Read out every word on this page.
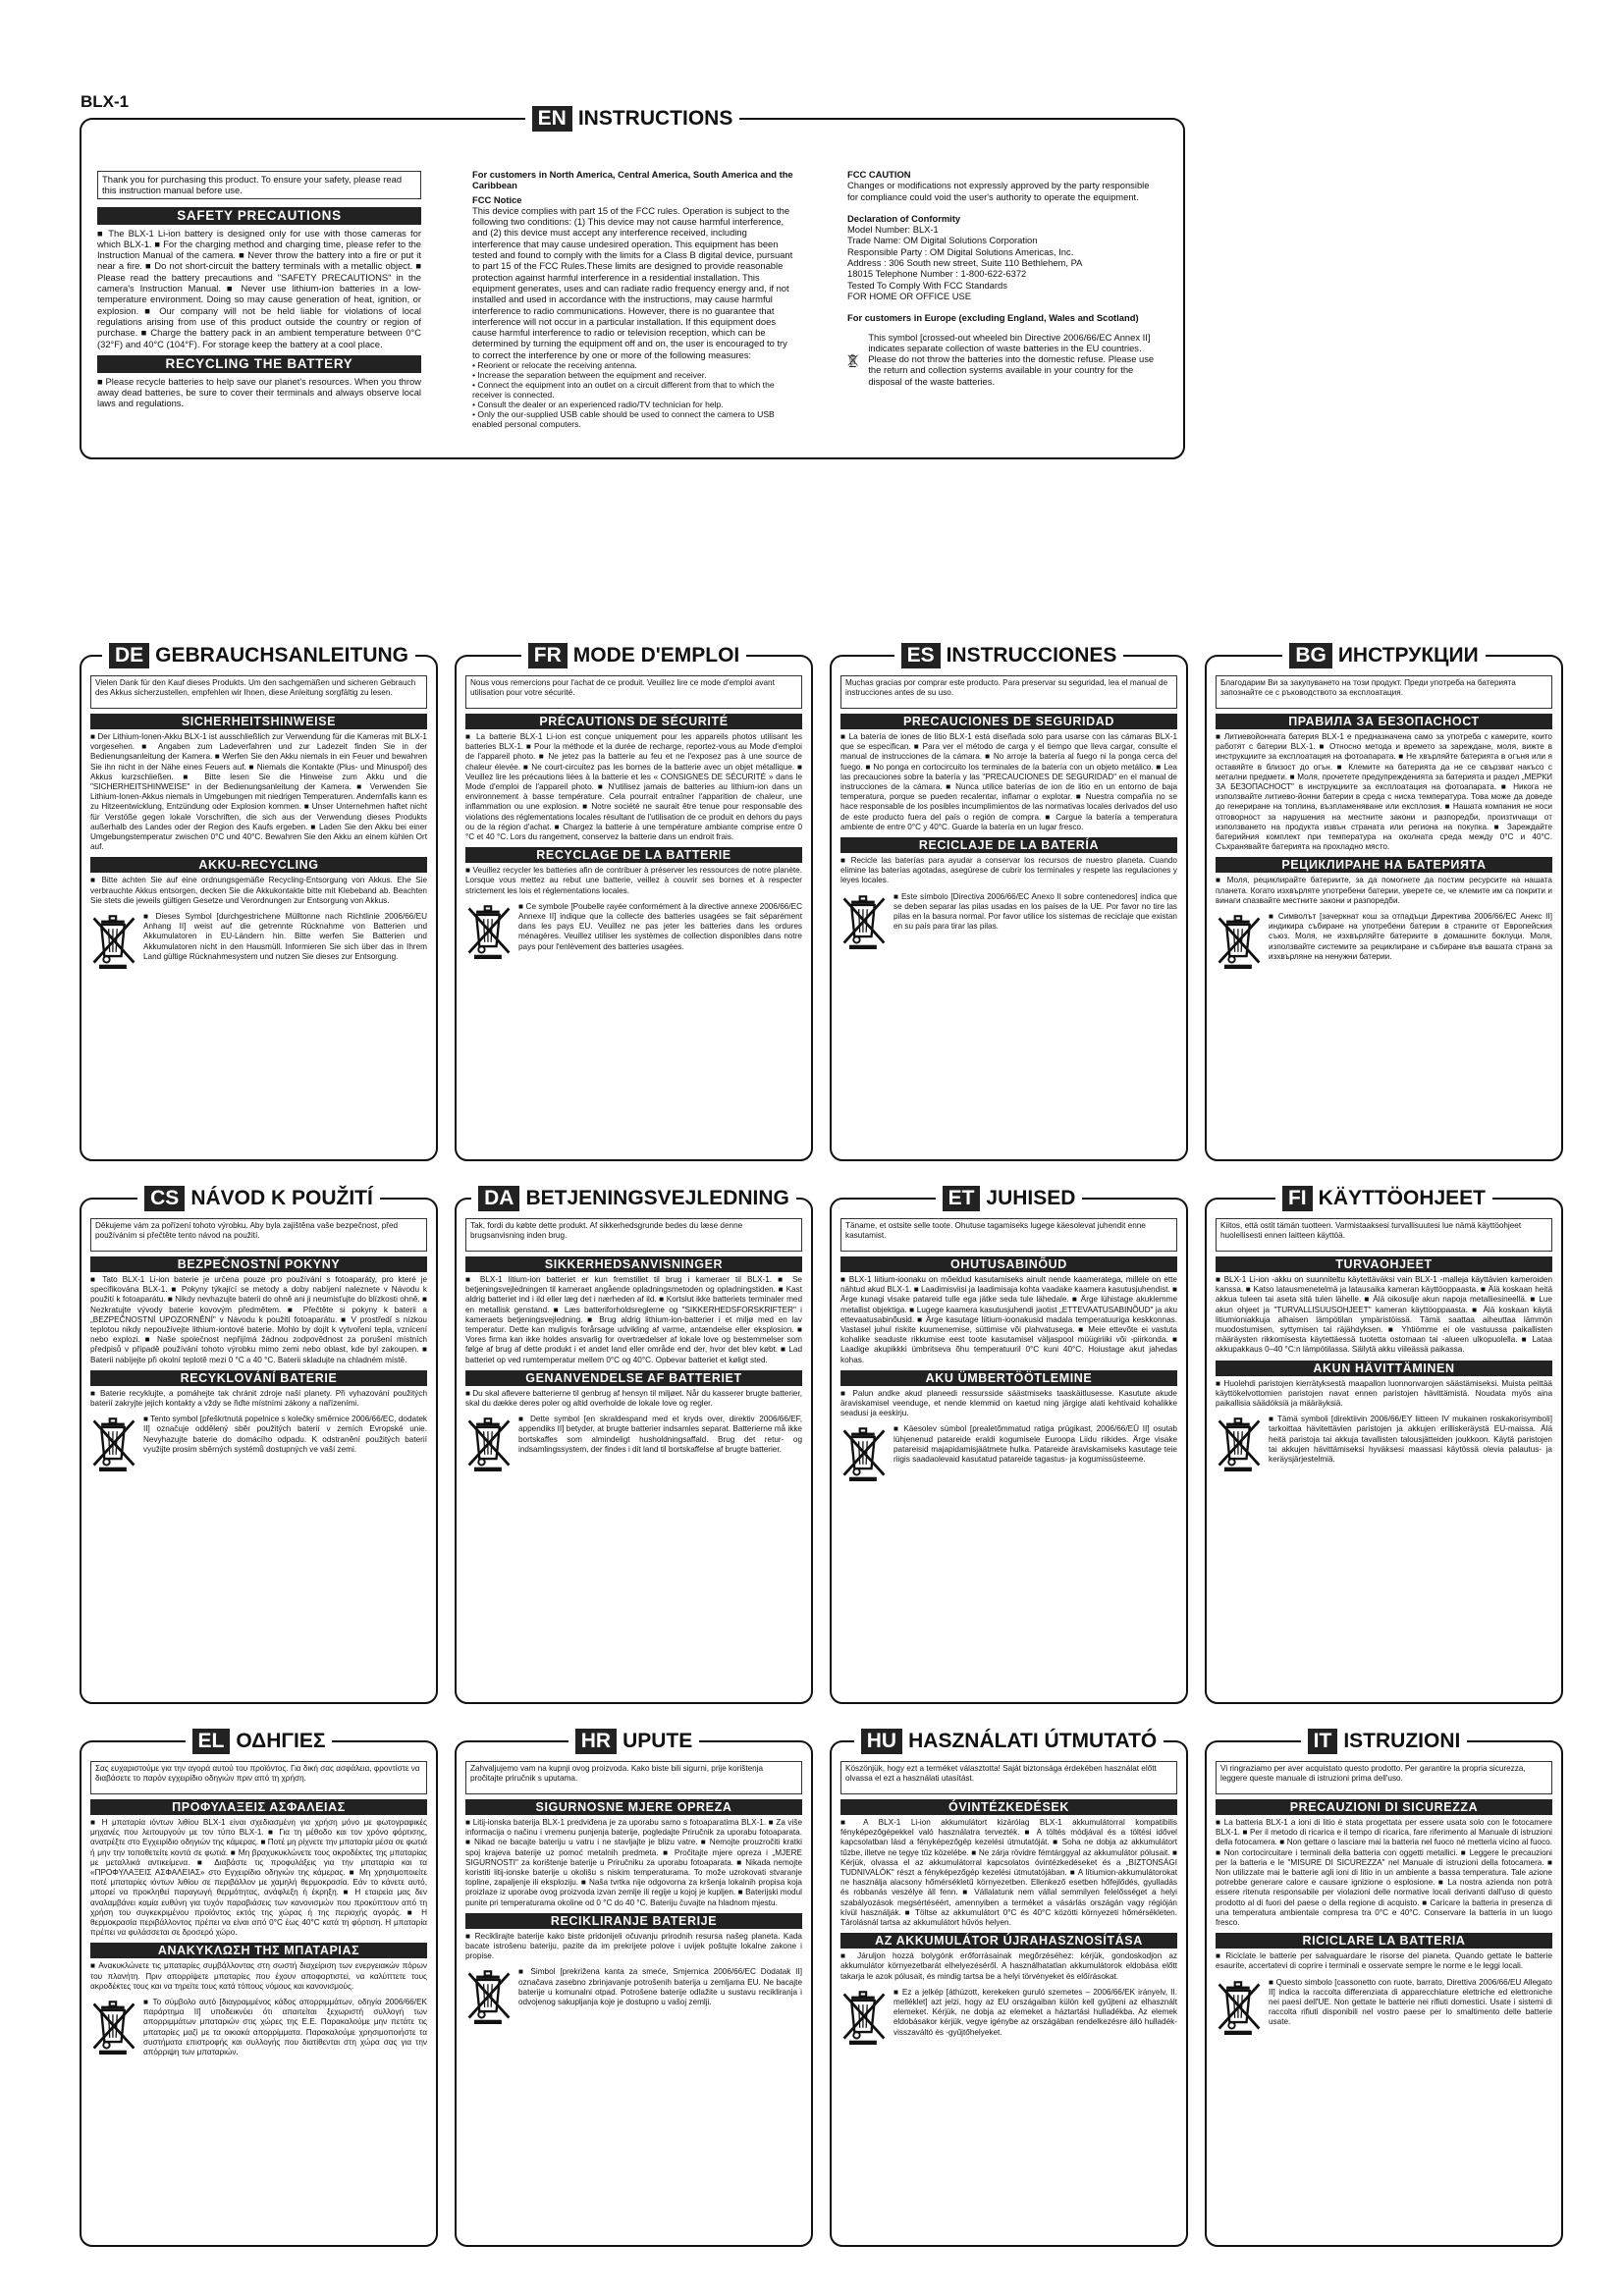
BLX-1
EN INSTRUCTIONS
Thank you for purchasing this product. To ensure your safety, please read this instruction manual before use.
SAFETY PRECAUTIONS

■ The BLX-1 Li-ion battery is designed only for use with those cameras for which BLX-1. ■ For the charging method and charging time, please refer to the Instruction Manual of the camera. ■ Never throw the battery into a fire or put it near a fire. ■ Do not short-circuit the battery terminals with a metallic object. ■ Please read the battery precautions and "SAFETY PRECAUTIONS" in the camera's Instruction Manual. ■ Never use lithium-ion batteries in a low-temperature environment. Doing so may cause generation of heat, ignition, or explosion. ■ Our company will not be held liable for violations of local regulations arising from use of this product outside the country or region of purchase. ■ Charge the battery pack in an ambient temperature between 0°C (32°F) and 40°C (104°F). For storage keep the battery at a cool place.

RECYCLING THE BATTERY

■ Please recycle batteries to help save our planet's resources. When you throw away dead batteries, be sure to cover their terminals and always observe local laws and regulations.

For customers in North America, Central America, South America and the Caribbean

FCC Notice

This device complies with part 15 of the FCC rules. Operation is subject to the following two conditions: (1) This device may not cause harmful interference, and (2) this device must accept any interference received, including interference that may cause undesired operation. This equipment has been tested and found to comply with the limits for a Class B digital device, pursuant to part 15 of the FCC Rules.These limits are designed to provide reasonable protection against harmful interference in a residential installation. This equipment generates, uses and can radiate radio frequency energy and, if not installed and used in accordance with the instructions, may cause harmful interference to radio communications. However, there is no guarantee that interference will not occur in a particular installation. If this equipment does cause harmful interference to radio or television reception, which can be determined by turning the equipment off and on, the user is encouraged to try to correct the interference by one or more of the following measures:

• Reorient or relocate the receiving antenna.

• Increase the separation between the equipment and receiver.

• Connect the equipment into an outlet on a circuit different from that to which the receiver is connected.

• Consult the dealer or an experienced radio/TV technician for help.

• Only the our-supplied USB cable should be used to connect the camera to USB enabled personal computers.

FCC CAUTION

Changes or modifications not expressly approved by the party responsible for compliance could void the user's authority to operate the equipment.

Declaration of Conformity

Model Number: BLX-1

Trade Name: OM Digital Solutions Corporation

Responsible Party : OM Digital Solutions Americas, Inc.

Address : 306 South new street, Suite 110 Bethlehem, PA

18015 Telephone Number : 1-800-622-6372

Tested To Comply With FCC Standards

FOR HOME OR OFFICE USE

For customers in Europe (excluding England, Wales and Scotland)

This symbol [crossed-out wheeled bin Directive 2006/66/EC Annex II] indicates separate collection of waste batteries in the EU countries. Please do not throw the batteries into the domestic refuse. Please use the return and collection systems available in your country for the disposal of the waste batteries.

DE GEBRAUCHSANLEITUNG
Vielen Dank für den Kauf dieses Produkts. Um den sachgemäßen und sicheren Gebrauch des Akkus sicherzustellen, empfehlen wir Ihnen, diese Anleitung sorgfältig zu lesen.
SICHERHEITSHINWEISE
■ Der Lithium-Ionen-Akku BLX-1 ist ausschließlich zur Verwendung für die Kameras mit BLX-1 vorgesehen. ■ Angaben zum Ladeverfahren und zur Ladezeit finden Sie in der Bedienungsanleitung der Kamera. ■ Werfen Sie den Akku niemals in ein Feuer und bewahren Sie ihn nicht in der Nähe eines Feuers auf. ■ Niemals die Kontakte (Plus- und Minuspol) des Akkus kurzschließen. ■ Bitte lesen Sie die Hinweise zum Akku und die "SICHERHEITSHINWEISE" in der Bedienungsanleitung der Kamera. ■ Verwenden Sie Lithium-Ionen-Akkus niemals in Umgebungen mit niedrigen Temperaturen. Andernfalls kann es zu Hitzeentwicklung, Entzündung oder Explosion kommen. ■ Unser Unternehmen haftet nicht für Verstöße gegen lokale Vorschriften, die sich aus der Verwendung dieses Produkts außerhalb des Landes oder der Region des Kaufs ergeben. ■ Laden Sie den Akku bei einer Umgebungstemperatur zwischen 0°C und 40°C. Bewahren Sie den Akku an einem kühlen Ort auf.
AKKU-RECYCLING
■ Bitte achten Sie auf eine ordnungsgemäße Recycling-Entsorgung von Akkus. Ehe Sie verbrauchte Akkus entsorgen, decken Sie die Akkukontakte bitte mit Klebeband ab. Beachten Sie stets die jeweils gültigen Gesetze und Verordnungen zur Entsorgung von Akkus.
■ Dieses Symbol [durchgestrichene Mülltonne nach Richtlinie 2006/66/EU Anhang II] weist auf die getrennte Rücknahme von Batterien und Akkumulatoren in EU-Ländern hin. Bitte werfen Sie Batterien und Akkumulatoren nicht in den Hausmüll. Informieren Sie sich über das in Ihrem Land gültige Rücknahmesystem und nutzen Sie dieses zur Entsorgung.
FR MODE D'EMPLOI
Nous vous remercions pour l'achat de ce produit. Veuillez lire ce mode d'emploi avant utilisation pour votre sécurité.
PRÉCAUTIONS DE SÉCURITÉ
■ La batterie BLX-1 Li-ion est conçue uniquement pour les appareils photos utilisant les batteries BLX-1. ■ Pour la méthode et la durée de recharge, reportez-vous au Mode d'emploi de l'appareil photo. ■ Ne jetez pas la batterie au feu et ne l'exposez pas à une source de chaleur élevée. ■ Ne court-circuitez pas les bornes de la batterie avec un objet métallique. ■ Veuillez lire les précautions liées à la batterie et les « CONSIGNES DE SÉCURITÉ » dans le Mode d'emploi de l'appareil photo. ■ N'utilisez jamais de batteries au lithium-ion dans un environnement à basse température. Cela pourrait entraîner l'apparition de chaleur, une inflammation ou une explosion. ■ Notre société ne saurait être tenue pour responsable des violations des réglementations locales résultant de l'utilisation de ce produit en dehors du pays ou de la région d'achat. ■ Chargez la batterie à une température ambiante comprise entre 0 °C et 40 °C. Lors du rangement, conservez la batterie dans un endroit frais.
RECYCLAGE DE LA BATTERIE
■ Veuillez recycler les batteries afin de contribuer à préserver les ressources de notre planète. Lorsque vous mettez au rebut une batterie, veillez à couvrir ses bornes et à respecter strictement les lois et réglementations locales.
■ Ce symbole [Poubelle rayée conformément à la directive annexe 2006/66/EC Annexe II] indique que la collecte des batteries usagées se fait séparément dans les pays EU. Veuillez ne pas jeter les batteries dans les ordures ménagères. Veuillez utiliser les systèmes de collection disponibles dans notre pays pour l'enlèvement des batteries usagées.
ES INSTRUCCIONES
Muchas gracias por comprar este producto. Para preservar su seguridad, lea el manual de instrucciones antes de su uso.
PRECAUCIONES DE SEGURIDAD
■ La batería de iones de litio BLX-1 está diseñada solo para usarse con las cámaras BLX-1 que se especifican. ■ Para ver el método de carga y el tiempo que lleva cargar, consulte el manual de instrucciones de la cámara. ■ No arroje la batería al fuego ni la ponga cerca del fuego. ■ No ponga en cortocircuito los terminales de la batería con un objeto metálico. ■ Lea las precauciones sobre la batería y las "PRECAUCIONES DE SEGURIDAD" en el manual de instrucciones de la cámara. ■ Nunca utilice baterías de ion de litio en un entorno de baja temperatura, porque se pueden recalentar, inflamar o explotar. ■ Nuestra compañía no se hace responsable de los posibles incumplimientos de las normativas locales derivados del uso de este producto fuera del país o región de compra. ■ Cargue la batería a temperatura ambiente de entre 0°C y 40°C. Guarde la batería en un lugar fresco.
RECICLAJE DE LA BATERÍA
■ Recicle las baterías para ayudar a conservar los recursos de nuestro planeta. Cuando elimine las baterías agotadas, asegúrese de cubrir los terminales y respete las regulaciones y leyes locales.
■ Este símbolo [Directiva 2006/66/EC Anexo II sobre contenedores] indica que se deben separar las pilas usadas en los países de la UE. Por favor no tire las pilas en la basura normal. Por favor utilice los sistemas de reciclaje que existan en su país para tirar las pilas.
BG ИНСТРУКЦИИ
Благодарим Ви за закупуването на този продукт. Преди употреба на батерията запознайте се с ръководството за експлоатация.
ПРАВИЛА ЗА БЕЗОПАСНОСТ
■ Литиевойонната батерия BLX-1 е предназначена само за употреба с камерите, които работят с батерии BLX-1. ■ Относно метода и времето за зареждане, моля, вижте в инструкциите за експлоатация на фотоапарата. ■ Не хвърляйте батерията в огъня или я оставяйте в близост до огън. ■ Клемите на батерията да не се свързват накъсо с метални предмети. ■ Моля, прочетете предупрежденията за батерията и раздел „МЕРКИ ЗА БЕЗОПАСНОСТ" в инструкциите за експлоатация на фотоапарата. ■ Никога не използвайте литиево-йонни батерии в среда с ниска температура. Това може да доведе до генериране на топлина, възпламеняване или експлозия. ■ Нашата компания не носи отговорност за нарушения на местните закони и разпоредби, произтичащи от използването на продукта извън страната или региона на покупка. ■ Зареждайте батерийния комплект при температура на околната среда между 0°C и 40°C. Съхранявайте батерията на прохладно място.
РЕЦИКЛИРАНЕ НА БАТЕРИЯТА
■ Моля, рециклирайте батериите, за да помогнете да постим ресурсите на нашата планета. Когато изхвърляте употребени батерии, уверете се, че клемите им са покрити и винаги спазвайте местните закони и разпоредби.
■ Символът [зачеркнат кош за отпадъци Директива 2006/66/EC Анекс II] индикира събиране на употребени батерии в страните от Европейския съюз. Моля, не изхвърляйте батериите в домашните боклуци. Моля, използвайте системите за рециклиране и събиране във вашата страна за изхвърляне на ненужни батерии.
CS NÁVOD K POUŽITÍ
Děkujeme vám za pořízení tohoto výrobku. Aby byla zajištěna vaše bezpečnost, před používáním si přečtěte tento návod na použití.
BEZPEČNOSTNÍ POKYNY
■ Tato BLX-1 Li-ion baterie je určena pouze pro používání s fotoaparáty, pro které je specifikována BLX-1. ■ Pokyny týkající se metody a doby nabíjení naleznete v Návodu k použití k fotoaparátu. ■ Nikdy nevhazujte baterii do ohně ani ji neumisťujte do blízkosti ohně. ■ Nezkratujte vývody baterie kovovým předmětem. ■ Přečtěte si pokyny k baterii a „BEZPEČNOSTNÍ UPOZORNĚNÍ" v Návodu k použití fotoaparátu. ■ V prostředí s nízkou teplotou nikdy nepoužívejte lithium-iontové baterie. Mohlo by dojít k vytvoření tepla, vznícení nebo explozi. ■ Naše společnost nepřijímá žádnou zodpovědnost za porušení místních předpisů v případě používání tohoto výrobku mimo zemi nebo oblast, kde byl zakoupen. ■ Baterii nabíjejte při okolní teplotě mezi 0 °C a 40 °C. Baterii skladujte na chladném místě.
RECYKLOVÁNÍ BATERIE
■ Baterie recyklujte, a pomáhejte tak chránit zdroje naší planety. Při vyhazování použitých baterií zakryjte jejich kontakty a vždy se řiďte místními zákony a nařízeními.
■ Tento symbol [přeškrtnutá popelnice s kolečky směrnice 2006/66/EC, dodatek II] označuje oddělený sběr použitých baterií v zemích Evropské unie. Nevyhazujte baterie do domácího odpadu. K odstranění použitých baterií využijte prosím sběrných systémů dostupných ve vaší zemi.
DA BETJENINGSVEJLEDNING
Tak, fordi du købte dette produkt. Af sikkerhedsgrunde bedes du læse denne brugsanvisning inden brug.
SIKKERHEDSANVISNINGER
■ BLX-1 litium-ion batteriet er kun fremstillet til brug i kameraer til BLX-1. ■ Se betjeningsvejledningen til kameraet angående opladningsmetoden og opladningstiden. ■ Kast aldrig batteriet ind i ild eller læg det i nærheden af ild. ■ Kortslut ikke batteriets terminaler med en metallisk genstand. ■ Læs batteriforholdsreglerne og "SIKKERHEDSFORSKRIFTER" i kameraets betjeningsvejledning. ■ Brug aldrig lithium-ion-batterier i et miljø med en lav temperatur. Dette kan muligvis forårsage udvikling af varme, antændelse eller eksplosion. ■ Vores firma kan ikke holdes ansvarlig for overtrædelser af lokale love og bestemmelser som følge af brug af dette produkt i et andet land eller område end der, hvor det blev købt. ■ Lad batteriet op ved rumtemperatur mellem 0°C og 40°C. Opbevar batteriet et køligt sted.
GENANVENDELSE AF BATTERIET
■ Du skal aflevere batterierne til genbrug af hensyn til miljøet. Når du kasserer brugte batterier, skal du dække deres poler og altid overholde de lokale love og regler.
■ Dette symbol [en skraldespand med et kryds over, direktiv 2006/66/EF, appendiks II] betyder, at brugte batterier indsamles separat. Batterierne må ikke bortskaffes som almindeligt husholdningsaffald. Brug det retur- og indsamlingssystem, der findes i dit land til bortskaffelse af brugte batterier.
ET JUHISED
Täname, et ostsite selle toote. Ohutuse tagamiseks lugege käesolevat juhendit enne kasutamist.
OHUTUSABINÕUD
■ BLX-1 liitium-ioonaku on mõeldud kasutamiseks ainult nende kaameratega, millele on ette nähtud akud BLX-1. ■ Laadimisviisi ja laadimisaja kohta vaadake kaamera kasutusjuhendist. ■ Ärge kunagi visake patareid tulle ega jätke seda tule lähedale. ■ Ärge lühistage akuklemme metallist objektiga. ■ Lugege kaamera kasutusjuhendi jaotist „ETTEVAATUSABINÕUD" ja aku ettevaatusabinõusid. ■ Ärge kasutage liitium-ioonakusid madala temperatuuriga keskkonnas. Vastasel juhul riskite kuumenemise, süttimise või plahvatusega. ■ Meie ettevõte ei vastuta kohalike seaduste rikkumise eest toote kasutamisel väljaspool müügiriiki või -piirkonda. ■ Laadige akupikkki ümbritseva õhu temperatuuril 0°C kuni 40°C. Hoiustage akut jahedas kohas.
AKU ÜMBERTÖÖTLEMINE
■ Palun andke akud planeedi ressursside säästmiseks taaskäitlusesse. Kasutute akude äraviskamisel veenduge, et nende klemmid on kaetud ning järgige alati kehtivaid kohalikke seadusi ja eeskirju.
■ Käesolev sümbol [prealetõmmatud ratiga prügikast, 2006/66/EÜ II] osutab lühjenenud patareide eraldi kogumisele Euroopa Liidu riikides. Ärge visake patareisid majapidamisjäätmete hulka. Patareide äraviskamiseks kasutage teie riigis saadaolevaid kasutatud patareide tagastus- ja kogumissüsteeme.
FI KÄYTTÖOHJEET
Kiitos, että ostit tämän tuotteen. Varmistaaksesi turvallisuutesi lue nämä käyttöohjeet huolellisesti ennen laitteen käyttöä.
TURVAOHJEET
■ BLX-1 Li-ion -akku on suunniteltu käytettäväksi vain BLX-1 -malleja käyttävien kameroiden kanssa. ■ Katso latausmenetelmä ja latausaika kameran käyttöoppaasta. ■ Älä koskaan heitä akkua tuleen tai aseta sitä tulen lähelle. ■ Älä oikosulje akun napoja metalliesineellä. ■ Lue akun ohjeet ja "TURVALLISUUSOHJEET" kameran käyttöoppaasta. ■ Älä koskaan käytä litiumioniakkuja alhaisen lämpötilan ympäristöissä. Tämä saattaa aiheuttaa lämmön muodostumisen, syttymisen tai räjähdyksen. ■ Yhtiömme ei ole vastuussa paikallisten määräysten rikkomisesta käytettäessä tuotetta ostomaan tai -alueen ulkopuolella. ■ Lataa akkupakkaus 0–40 °C:n lämpötilassa. Säilytä akku viileässä paikassa.
AKUN HÄVITTÄMINEN
■ Huolehdi paristojen kierrätyksestä maapallon luonnonvarojen säästämiseksi. Muista peittää käyttökelvottomien paristojen navat ennen paristojen hävittämistä. Noudata myös aina paikallisia säädöksiä ja määräyksiä.
■ Tämä symboli [direktiivin 2006/66/EY liitteen IV mukainen roskakorisymboli] tarkoittaa hävitettävien paristojen ja akkujen erilliskeräystä EU-maissa. Älä heitä paristoja tai akkuja tavallisten talousjätteiden joukkoon. Käytä paristojen tai akkujen hävittämiseksi hyväksesi maassasi käytössä olevia palautus- ja keräysjärjestelmiä.
EL ΟΔΗΓΙΕΣ
Σας ευχαριστούμε για την αγορά αυτού του προϊόντος. Για δική σας ασφάλεια, φροντίστε να διαβάσετε το παρόν εγχειρίδιο οδηγιών πριν από τη χρήση.
ΠΡΟΦΥΛΑΞΕΙΣ ΑΣΦΑΛΕΙΑΣ
■ Η μπαταρία ιόντων λιθίου BLX-1 είναι σχεδιασμένη για χρήση μόνο με φωτογραφικές μηχανές που λειτουργούν με τον τύπο BLX-1. ■ Για τη μέθοδο και τον χρόνο φόρτισης, ανατρέξτε στο Εγχειρίδιο οδηγιών της κάμερας. ■ Ποτέ μη ρίχνετε την μπαταρία μέσα σε φωτιά ή μην την τοποθετείτε κοντά σε φωτιά. ■ Μη βραχυκυκλώνετε τους ακροδέκτες της μπαταρίας με μεταλλικά αντικείμενα. ■ Διαβάστε τις προφυλάξεις για την μπαταρία και τα «ΠΡΟΦΥΛΑΞΕΙΣ ΑΣΦΑΛΕΙΑΣ» στο Εγχειρίδιο οδηγιών της κάμερας. ■ Μη χρησιμοποιείτε ποτέ μπαταρίες ιόντων λιθίου σε περιβάλλον με χαμηλή θερμοκρασία. Εάν το κάνετε αυτό, μπορεί να προκληθεί παραγωγή θερμότητας, ανάφλεξη ή έκρηξη. ■ Η εταιρεία μας δεν αναλαμβάνει καμία ευθύνη για τυχόν παραβιάσεις των κανονισμών που προκύπτουν από τη χρήση του συγκεκριμένου προϊόντος εκτός της χώρας ή της περιοχής αγοράς. ■ Η θερμοκρασία περιβάλλοντος πρέπει να είναι από 0°C έως 40°C κατά τη φόρτιση. Η μπαταρία πρέπει να φυλάσσεται σε δροσερό χώρο.
ΑΝΑΚΥΚΛΩΣΗ ΤΗΣ ΜΠΑΤΑΡΙΑΣ
■ Ανακυκλώνετε τις μπαταρίες συμβάλλοντας στη σωστή διαχείριση των ενεργειακών πόρων του πλανήτη. Πριν απορρίψετε μπαταρίες που έχουν αποφορτιστεί, να καλύπτετε τους ακροδέκτες τους και να τηρείτε τους κατά τόπους νόμους και κανονισμούς.
■ Το σύμβολο αυτό [διαγραμμένος κάδος απορριμμάτων, οδηγία 2006/66/ΕΚ παράρτημα II] υποδεικνύει ότι απαιτείται ξεχωριστή συλλογή των απορριμμάτων μπαταριών στις χώρες της Ε.Ε. Παρακαλούμε μην πετάτε τις μπαταρίες μαζί με τα οικιακά απορρίμματα. Παρακαλούμε χρησιμοποιήστε τα συστήματα επιστροφής και συλλογής που διατίθενται στη χώρα σας για την απόρριψη των μπαταριών.
HR UPUTE
Zahvaljujemo vam na kupnji ovog proizvoda. Kako biste bili sigurni, prije korištenja pročitajte priručnik s uputama.
SIGURNOSNE MJERE OPREZA
■ Litij-ionska baterija BLX-1 predviđena je za uporabu samo s fotoaparatima BLX-1. ■ Za više informacija o načinu i vremenu punjenja baterije, pogledajte Priručnik za uporabu fotoaparata. ■ Nikad ne bacajte bateriju u vatru i ne stavljajte je blizu vatre. ■ Nemojte prouzročiti kratki spoj krajeva baterije uz pomoć metalnih predmeta. ■ Pročitajte mjere opreza i „MJERE SIGURNOSTI" za korištenje baterije u Priručniku za uporabu fotoaparata. ■ Nikada nemojte koristiti litij-ionske baterije u okolišu s niskim temperaturama. To može uzrokovati stvaranje topline, zapaljenje ili eksploziju. ■ Naša tvrtka nije odgovorna za kršenja lokalnih propisa koja proizlaze iz uporabe ovog proizvoda izvan zemlje ili regije u kojoj je kupljen. ■ Baterijski modul punite pri temperaturama okoline od 0 °C do 40 °C. Bateriju čuvajte na hladnom mjestu.
RECIKLIRANJE BATERIJE
■ Reciklirajte baterije kako biste pridonijeli očuvanju prirodnih resursa našeg planeta. Kada bacate istrošenu bateriju, pazite da im prekrijete polove i uvijek poštujte lokalne zakone i propise.
■ Simbol [prekrižena kanta za smeće, Smjernica 2006/66/EC Dodatak II] označava zasebno zbrinjavanje potrošenih baterija u zemljama EU. Ne bacajte baterije u komunalni otpad. Potrošene baterije odlažite u sustavu recikliranja i odvojenog sakupljanja koje je dostupno u vašoj zemlji.
HU HASZNÁLATI ÚTMUTATÓ
Köszönjük, hogy ezt a terméket választotta! Saját biztonsága érdekében használat előtt olvassa el ezt a használati utasítást.
ÓVINTÉZKEDÉSEK
■ A BLX-1 Li-ion akkumulátort kizárólag BLX-1 akkumulátorral kompatibilis fényképezőgépekkel való használatra tervezték. ■ A töltés módjával és a töltési idővel kapcsolatban lásd a fényképezőgép kezelési útmutatóját. ■ Soha ne dobja az akkumulátort tűzbe, illetve ne tegye tűz közelébe. ■ Ne zárja rövidre fémtárggyal az akkumulátor pólusait. ■ Kérjük, olvassa el az akkumulátorral kapcsolatos óvintézkedéseket és a „BIZTONSÁGI TUDNIVALÓK" részt a fényképezőgép kezelési útmutatójában. ■ A lítiumion-akkumulátorokat ne használja alacsony hőmérsékletű környezetben. Ellenkező esetben hőfejlődés, gyulladás és robbanás veszélye áll fenn. ■ Vállalatunk nem vállal semmilyen felelősséget a helyi szabályozások megsértéséért, amennyiben a terméket a vásárlás országán vagy régióján kívül használják. ■ Töltse az akkumulátort 0°C és 40°C közötti környezeti hőmérsékleten. Tárolásnál tartsa az akkumulátort hűvös helyen.
AZ AKKUMULÁTOR ÚJRAHASZNOSÍTÁSA
■ Járuljon hozzá bolygónk erőforrásainak megőrzéséhez: kérjük, gondoskodjon az akkumulátor környezetbarát elhelyezéséről. A használhatatlan akkumulátorok eldobása előtt takarja le azok pólusait, és mindig tartsa be a helyi törvényeket és előírásokat.
■ Ez a jelkép [áthúzott, kerekeken guruló szemetes – 2006/66/EK irányelv, II. melléklet] azt jelzi, hogy az EU országaiban külön kell gyűjteni az elhasznált elemeket. Kérjük, ne dobja az elemeket a háztartási hulladékba. Az elemek eldobásakor kérjük, vegye igénybe az országában rendelkezésre álló hulladék-visszaváltó és -gyűjtőhelyeket.
IT ISTRUZIONI
Vi ringraziamo per aver acquistato questo prodotto. Per garantire la propria sicurezza, leggere queste manuale di istruzioni prima dell'uso.
PRECAUZIONI DI SICUREZZA
■ La batteria BLX-1 a ioni di litio è stata progettata per essere usata solo con le fotocamere BLX-1. ■ Per il metodo di ricarica e il tempo di ricarica, fare riferimento al Manuale di istruzioni della fotocamera. ■ Non gettare o lasciare mai la batteria nel fuoco né metterla vicino al fuoco. ■ Non cortocircuitare i terminali della batteria con oggetti metallici. ■ Leggere le precauzioni per la batteria e le "MISURE DI SICUREZZA" nel Manuale di istruzioni della fotocamera. ■ Non utilizzate mai le batterie agli ioni di litio in un ambiente a bassa temperatura. Tale azione potrebbe generare calore e causare ignizione o esplosione. ■ La nostra azienda non potrà essere ritenuta responsabile per violazioni delle normative locali derivanti dall'uso di questo prodotto al di fuori del paese o della regione di acquisto. ■ Caricare la batteria in presenza di una temperatura ambientale compresa tra 0°C e 40°C. Conservare la batteria in un luogo fresco.
RICICLARE LA BATTERIA
■ Riciclate le batterie per salvaguardare le risorse del pianeta. Quando gettate le batterie esaurite, accertatevi di coprire i terminali e osservate sempre le norme e le leggi locali.
■ Questo simbolo [cassonetto con ruote, barrato, Direttiva 2006/66/EU Allegato II] indica la raccolta differenziata di apparecchiature elettriche ed elettroniche nei paesi dell'UE. Non gettate le batterie nei rifiuti domestici. Usate i sistemi di raccolta rifiuti disponibili nel vostro paese per lo smaltimento delle batterie usate.
